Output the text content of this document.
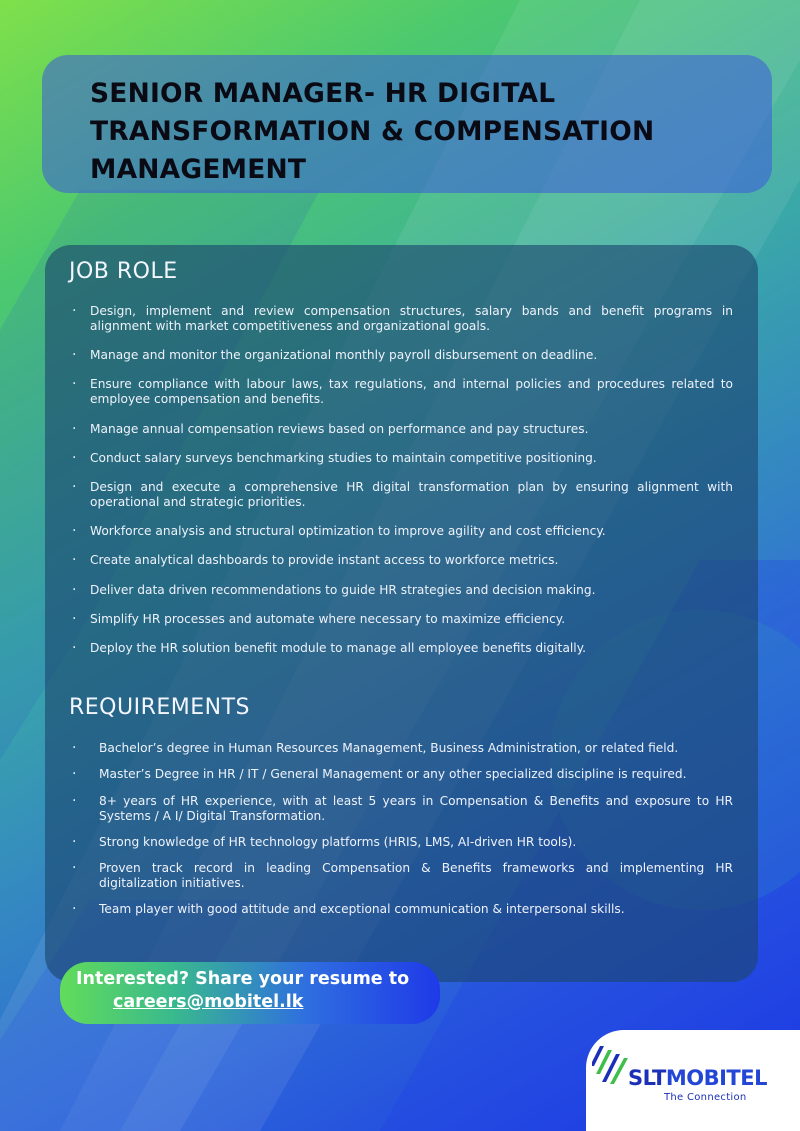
SENIOR MANAGER- HR DIGITAL TRANSFORMATION & COMPENSATION MANAGEMENT
JOB ROLE
· Design, implement and review compensation structures, salary bands and benefit programs in alignment with market competitiveness and organizational goals.
· Manage and monitor the organizational monthly payroll disbursement on deadline.
· Ensure compliance with labour laws, tax regulations, and internal policies and procedures related to employee compensation and benefits.
· Manage annual compensation reviews based on performance and pay structures.
· Conduct salary surveys benchmarking studies to maintain competitive positioning.
· Design and execute a comprehensive HR digital transformation plan by ensuring alignment with operational and strategic priorities.
· Workforce analysis and structural optimization to improve agility and cost efficiency.
· Create analytical dashboards to provide instant access to workforce metrics.
· Deliver data driven recommendations to guide HR strategies and decision making.
· Simplify HR processes and automate where necessary to maximize efficiency.
· Deploy the HR solution benefit module to manage all employee benefits digitally.
REQUIREMENTS
· Bachelor’s degree in Human Resources Management, Business Administration, or related field.
· Master’s Degree in HR / IT / General Management or any other specialized discipline is required.
· 8+ years of HR experience, with at least 5 years in Compensation & Benefits and exposure to HR Systems / A I/ Digital Transformation.
· Strong knowledge of HR technology platforms (HRIS, LMS, AI-driven HR tools).
· Proven track record in leading Compensation & Benefits frameworks and implementing HR digitalization initiatives.
· Team player with good attitude and exceptional communication & interpersonal skills.
Interested? Share your resume to
careers@mobitel.lk
SLTMOBITEL
The Connection
